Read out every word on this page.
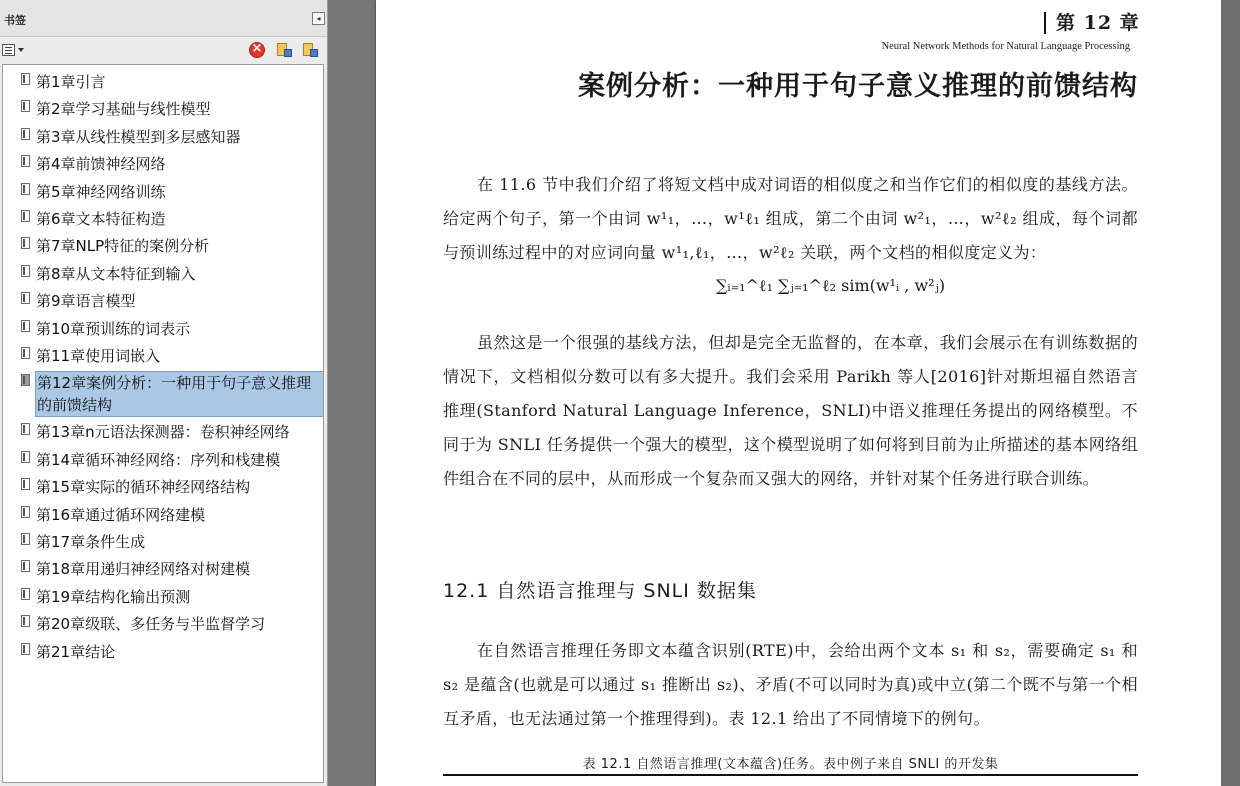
书签	◂
×
第1章引言
第2章学习基础与线性模型
第3章从线性模型到多层感知器
第4章前馈神经网络
第5章神经网络训练
第6章文本特征构造
第7章NLP特征的案例分析
第8章从文本特征到输入
第9章语言模型
第10章预训练的词表示
第11章使用词嵌入
第12章案例分析：一种用于句子意义推理的前馈结构
第13章n元语法探测器：卷积神经网络
第14章循环神经网络：序列和栈建模
第15章实际的循环神经网络结构
第16章通过循环网络建模
第17章条件生成
第18章用递归神经网络对树建模
第19章结构化输出预测
第20章级联、多任务与半监督学习
第21章结论
第 12 章
Neural Network Methods for Natural Language Processing
案例分析：一种用于句子意义推理的前馈结构
在 11.6 节中我们介绍了将短文档中成对词语的相似度之和当作它们的相似度的基线方法。给定两个句子，第一个由词 w¹₁，…，w¹ℓ₁ 组成，第二个由词 w²₁，…，w²ℓ₂ 组成，每个词都与预训练过程中的对应词向量 w¹₁,ℓ₁，…，w²ℓ₂ 关联，两个文档的相似度定义为：
∑ᵢ₌₁^ℓ₁ ∑ⱼ₌₁^ℓ₂ sim(w¹ᵢ , w²ⱼ)
虽然这是一个很强的基线方法，但却是完全无监督的，在本章，我们会展示在有训练数据的情况下，文档相似分数可以有多大提升。我们会采用 Parikh 等人[2016]针对斯坦福自然语言推理(Stanford Natural Language Inference，SNLI)中语义推理任务提出的网络模型。不同于为 SNLI 任务提供一个强大的模型，这个模型说明了如何将到目前为止所描述的基本网络组件组合在不同的层中，从而形成一个复杂而又强大的网络，并针对某个任务进行联合训练。
12.1 自然语言推理与 SNLI 数据集
在自然语言推理任务即文本蕴含识别(RTE)中，会给出两个文本 s₁ 和 s₂，需要确定 s₁ 和 s₂ 是蕴含(也就是可以通过 s₁ 推断出 s₂)、矛盾(不可以同时为真)或中立(第二个既不与第一个相互矛盾，也无法通过第一个推理得到)。表 12.1 给出了不同情境下的例句。
表 12.1 自然语言推理(文本蕴含)任务。表中例子来自 SNLI 的开发集
